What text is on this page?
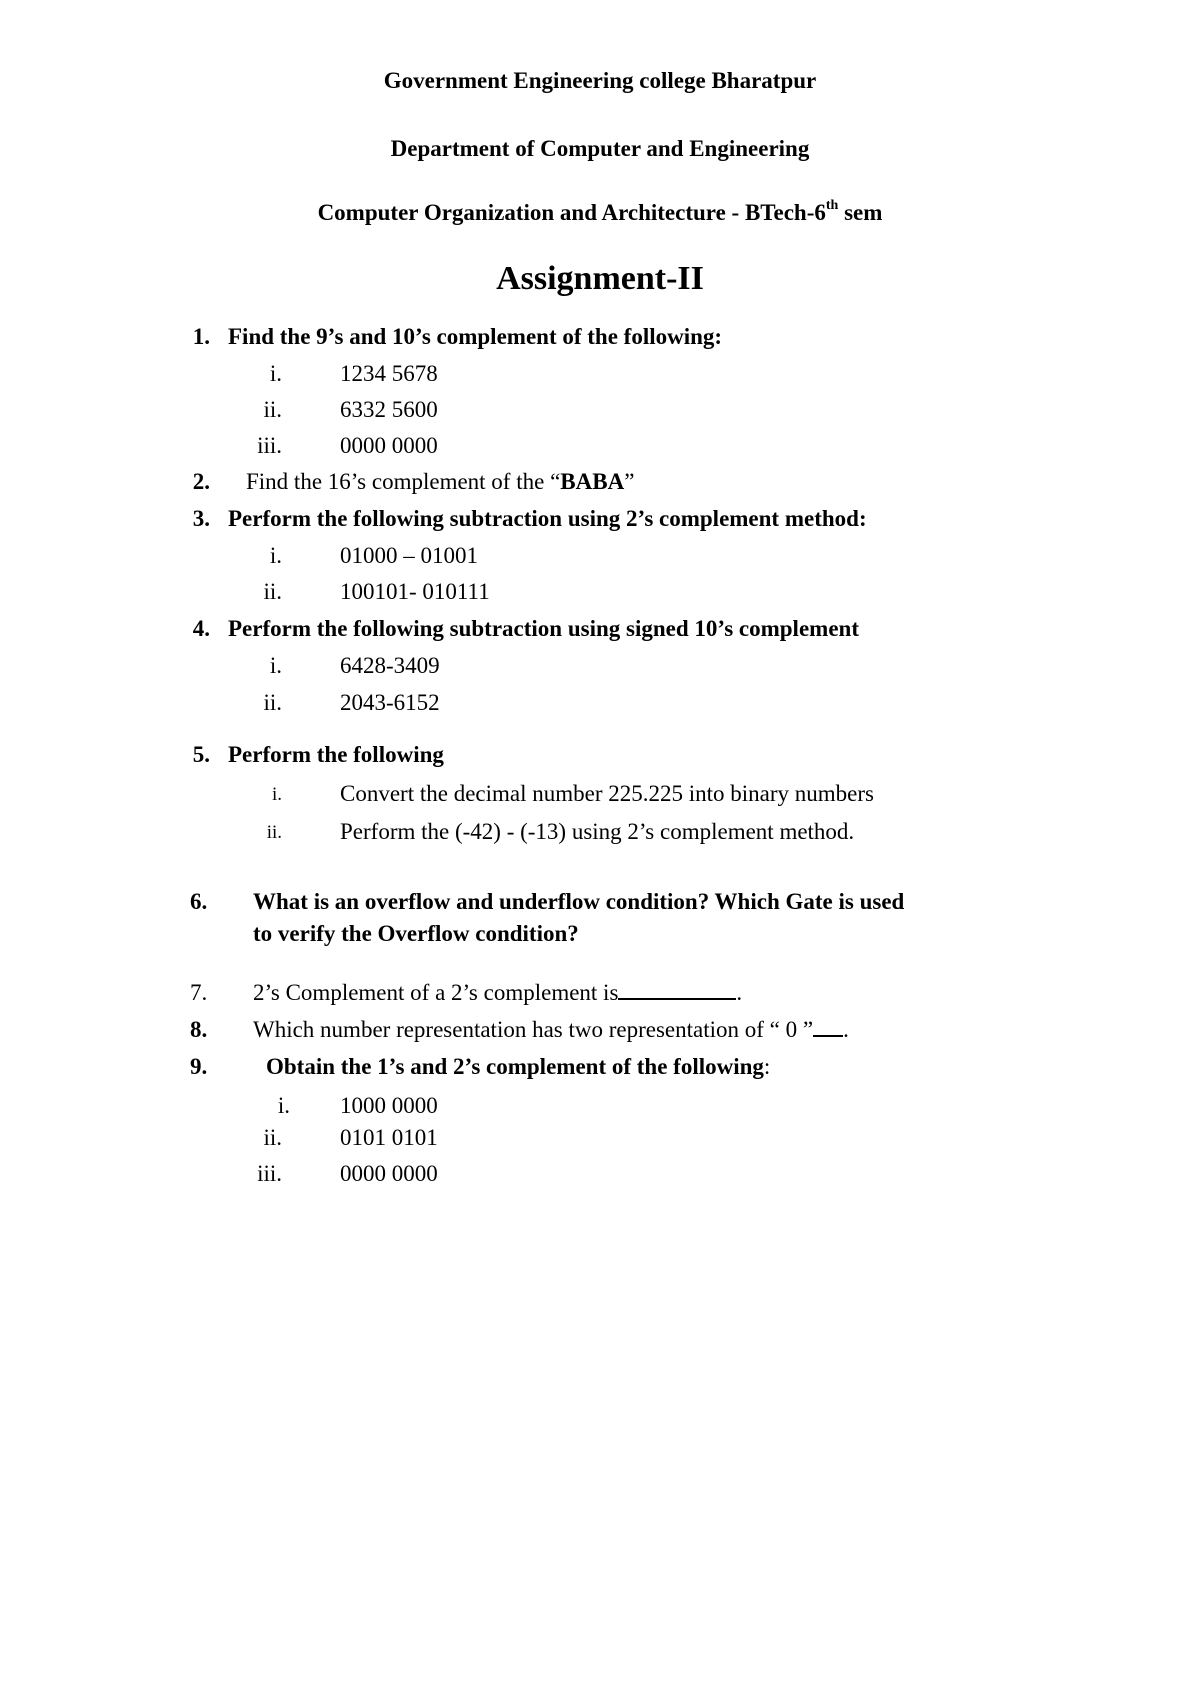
Government Engineering college Bharatpur
Department of Computer and Engineering
Computer Organization and Architecture - BTech-6th sem
Assignment-II
1. Find the 9’s and 10’s complement of the following:
i.	1234 5678
ii.	6332 5600
iii.	0000 0000
2. Find the 16’s complement of the “BABA”
3. Perform the following subtraction using 2’s complement method:
i.	01000 – 01001
ii.	100101- 010111
4. Perform the following subtraction using signed 10’s complement
i.	6428-3409
ii.	2043-6152
5. Perform the following
i.	Convert the decimal number 225.225 into binary numbers
ii.	Perform the (-42) - (-13) using 2’s complement method.
6.	What is an overflow and underflow condition? Which Gate is used
to verify the Overflow condition?
7. 2’s Complement of a 2’s complement is	.
8. Which number representation has two representation of “ 0 ” .
9.	Obtain the 1’s and 2’s complement of the following:
i. 1000 0000
ii.	0101 0101
iii.	0000 0000
